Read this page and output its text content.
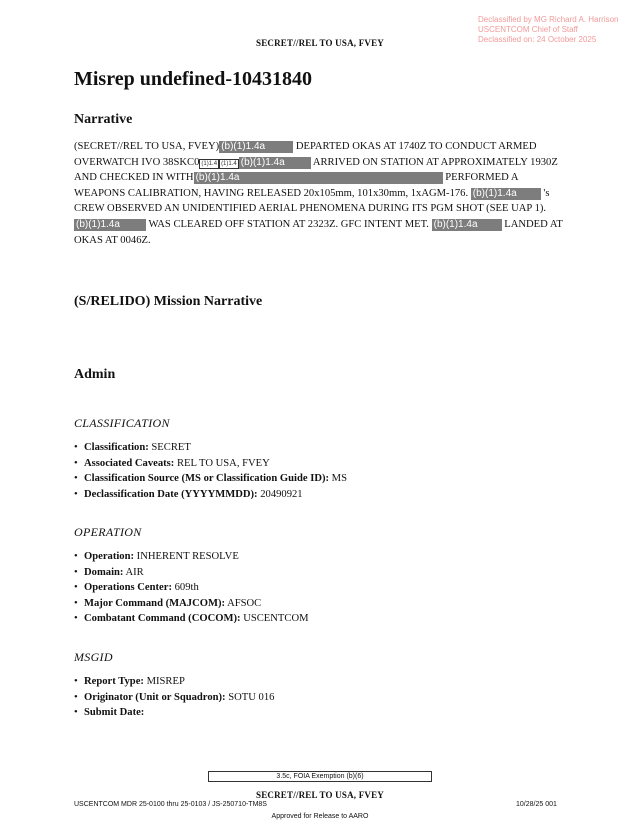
Declassified by MG Richard A. Harrison
USCENTCOM Chief of Staff
Declassified on: 24 October 2025
SECRET//REL TO USA, FVEY
Misrep undefined-10431840
Narrative
(SECRET//REL TO USA, FVEY) (b)(1)1.4a	DEPARTED OKAS AT 1740Z TO CONDUCT ARMED OVERWATCH IVO 38SKC0 (1)1.4 (1)1.4 (b)(1)1.4a ARRIVED ON STATION AT APPROXIMATELY 1930Z AND CHECKED IN WITH (b)(1)1.4a	PERFORMED A WEAPONS CALIBRATION, HAVING RELEASED 20x105mm, 101x30mm, 1xAGM-176. (b)(1)1.4a 's CREW OBSERVED AN UNIDENTIFIED AERIAL PHENOMENA DURING ITS PGM SHOT (SEE UAP 1). (b)(1)1.4a WAS CLEARED OFF STATION AT 2323Z. GFC INTENT MET. (b)(1)1.4a LANDED AT OKAS AT 0046Z.
(S/RELIDO) Mission Narrative
Admin
CLASSIFICATION
• Classification: SECRET
• Associated Caveats: REL TO USA, FVEY
• Classification Source (MS or Classification Guide ID): MS
• Declassification Date (YYYYMMDD): 20490921
OPERATION
• Operation: INHERENT RESOLVE
• Domain: AIR
• Operations Center: 609th
• Major Command (MAJCOM): AFSOC
• Combatant Command (COCOM): USCENTCOM
MSGID
• Report Type: MISREP
• Originator (Unit or Squadron): SOTU 016
• Submit Date:
3.5c, FOIA Exemption (b)(6)
SECRET//REL TO USA, FVEY
USCENTCOM MDR 25-0100 thru 25-0103 / JS-250710-TM8S	10/28/25 001
Approved for Release to AARO
